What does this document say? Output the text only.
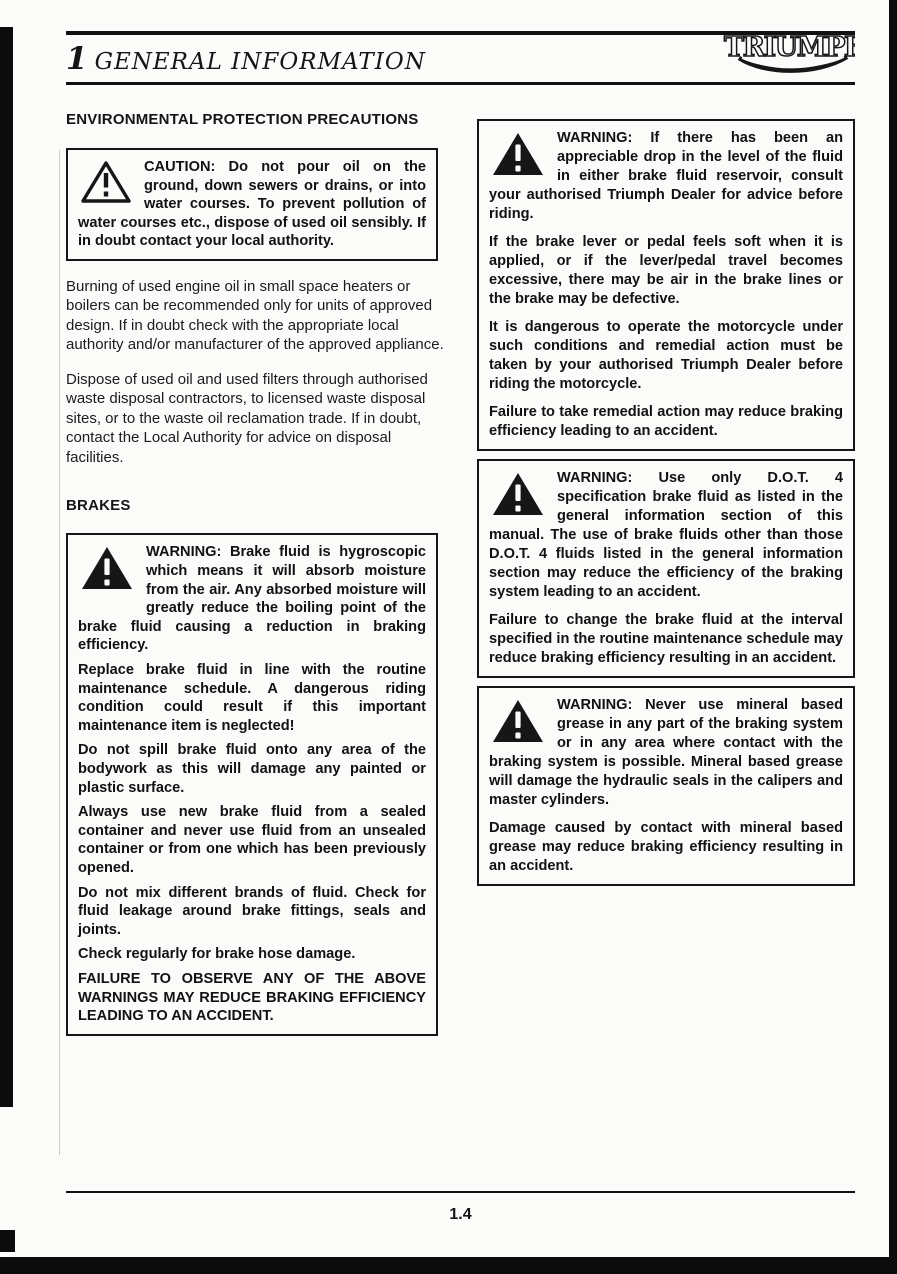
1 GENERAL INFORMATION	TRIUMPH
ENVIRONMENTAL PROTECTION PRECAUTIONS

CAUTION: Do not pour oil on the ground, down sewers or drains, or into water courses. To prevent pollution of water courses etc., dispose of used oil sensibly. If in doubt contact your local authority.

Burning of used engine oil in small space heaters or boilers can be recommended only for units of approved design. If in doubt check with the appropriate local authority and/or manufacturer of the approved appliance.

Dispose of used oil and used filters through authorised waste disposal contractors, to licensed waste disposal sites, or to the waste oil reclamation trade. If in doubt, contact the Local Authority for advice on disposal facilities.

BRAKES

WARNING: Brake fluid is hygroscopic which means it will absorb moisture from the air. Any absorbed moisture will greatly reduce the boiling point of the brake fluid causing a reduction in braking efficiency.

Replace brake fluid in line with the routine maintenance schedule. A dangerous riding condition could result if this important maintenance item is neglected!

Do not spill brake fluid onto any area of the bodywork as this will damage any painted or plastic surface.

Always use new brake fluid from a sealed container and never use fluid from an unsealed container or from one which has been previously opened.

Do not mix different brands of fluid. Check for fluid leakage around brake fittings, seals and joints.

Check regularly for brake hose damage.

FAILURE TO OBSERVE ANY OF THE ABOVE WARNINGS MAY REDUCE BRAKING EFFICIENCY LEADING TO AN ACCIDENT.

WARNING: If there has been an appreciable drop in the level of the fluid in either brake fluid reservoir, consult your authorised Triumph Dealer for advice before riding.

If the brake lever or pedal feels soft when it is applied, or if the lever/pedal travel becomes excessive, there may be air in the brake lines or the brake may be defective.

It is dangerous to operate the motorcycle under such conditions and remedial action must be taken by your authorised Triumph Dealer before riding the motorcycle.

Failure to take remedial action may reduce braking efficiency leading to an accident.

WARNING: Use only D.O.T. 4 specification brake fluid as listed in the general information section of this manual. The use of brake fluids other than those D.O.T. 4 fluids listed in the general information section may reduce the efficiency of the braking system leading to an accident.

Failure to change the brake fluid at the interval specified in the routine maintenance schedule may reduce braking efficiency resulting in an accident.

WARNING: Never use mineral based grease in any part of the braking system or in any area where contact with the braking system is possible. Mineral based grease will damage the hydraulic seals in the calipers and master cylinders.

Damage caused by contact with mineral based grease may reduce braking efficiency resulting in an accident.

1.4
